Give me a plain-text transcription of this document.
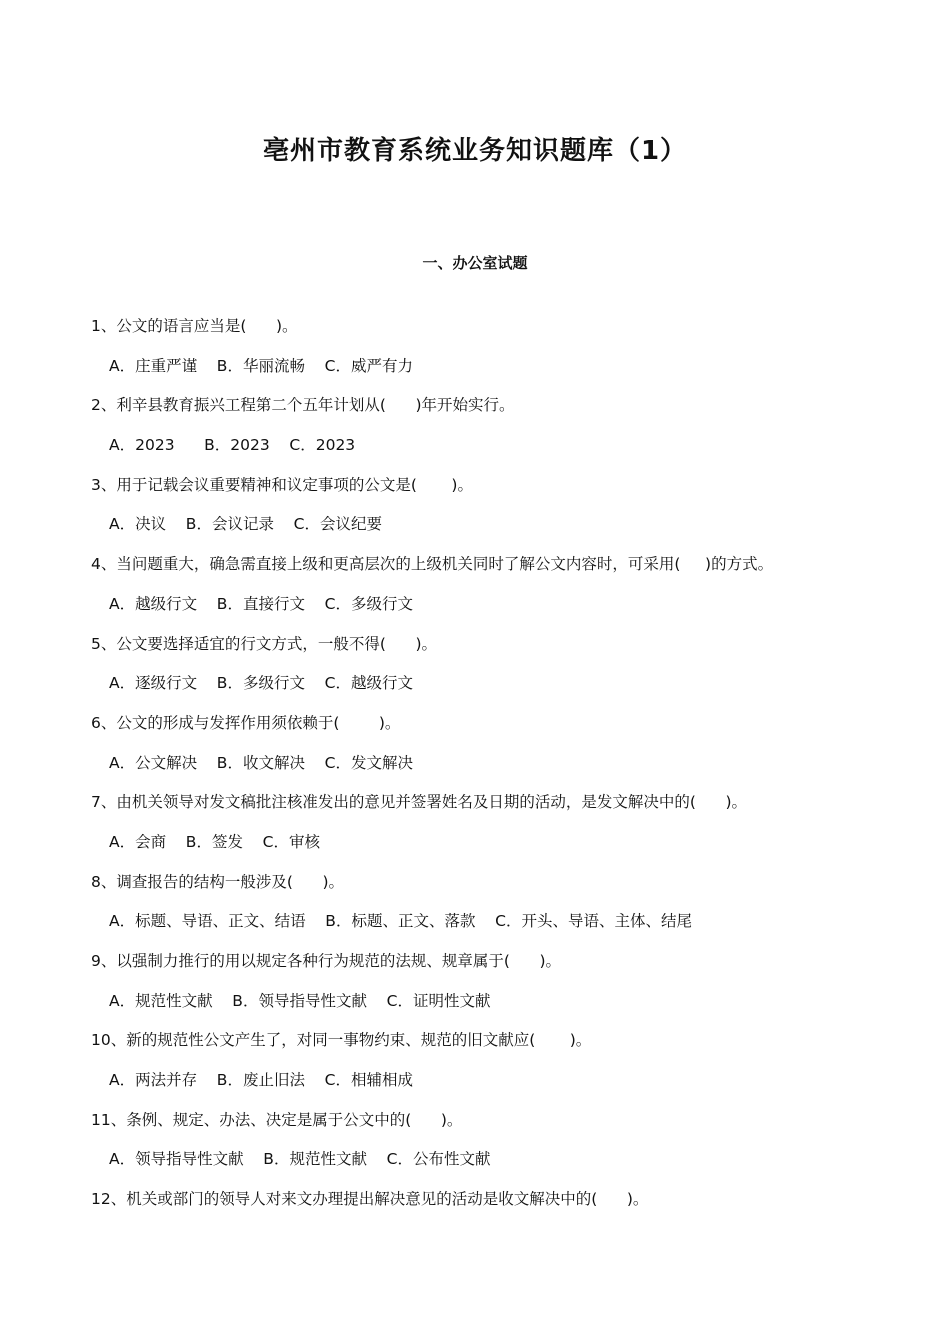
亳州市教育系统业务知识题库（1）
一、办公室试题
1、公文的语言应当是(      )。
A．庄重严谨    B．华丽流畅    C．威严有力
2、利辛县教育振兴工程第二个五年计划从(      )年开始实行。
A．2023      B．2023    C．2023
3、用于记载会议重要精神和议定事项的公文是(       )。
A．决议    B．会议记录    C．会议纪要
4、当问题重大，确急需直接上级和更高层次的上级机关同时了解公文内容时，可采用(     )的方式。
A．越级行文    B．直接行文    C．多级行文
5、公文要选择适宜的行文方式，一般不得(      )。
A．逐级行文    B．多级行文    C．越级行文
6、公文的形成与发挥作用须依赖于(        )。
A．公文解决    B．收文解决    C．发文解决
7、由机关领导对发文稿批注核准发出的意见并签署姓名及日期的活动，是发文解决中的(      )。
A．会商    B．签发    C．审核
8、调查报告的结构一般涉及(      )。
A．标题、导语、正文、结语    B．标题、正文、落款    C．开头、导语、主体、结尾
9、以强制力推行的用以规定各种行为规范的法规、规章属于(      )。
A．规范性文献    B．领导指导性文献    C．证明性文献
10、新的规范性公文产生了，对同一事物约束、规范的旧文献应(       )。
A．两法并存    B．废止旧法    C．相辅相成
11、条例、规定、办法、决定是属于公文中的(      )。
A．领导指导性文献    B．规范性文献    C．公布性文献
12、机关或部门的领导人对来文办理提出解决意见的活动是收文解决中的(      )。
